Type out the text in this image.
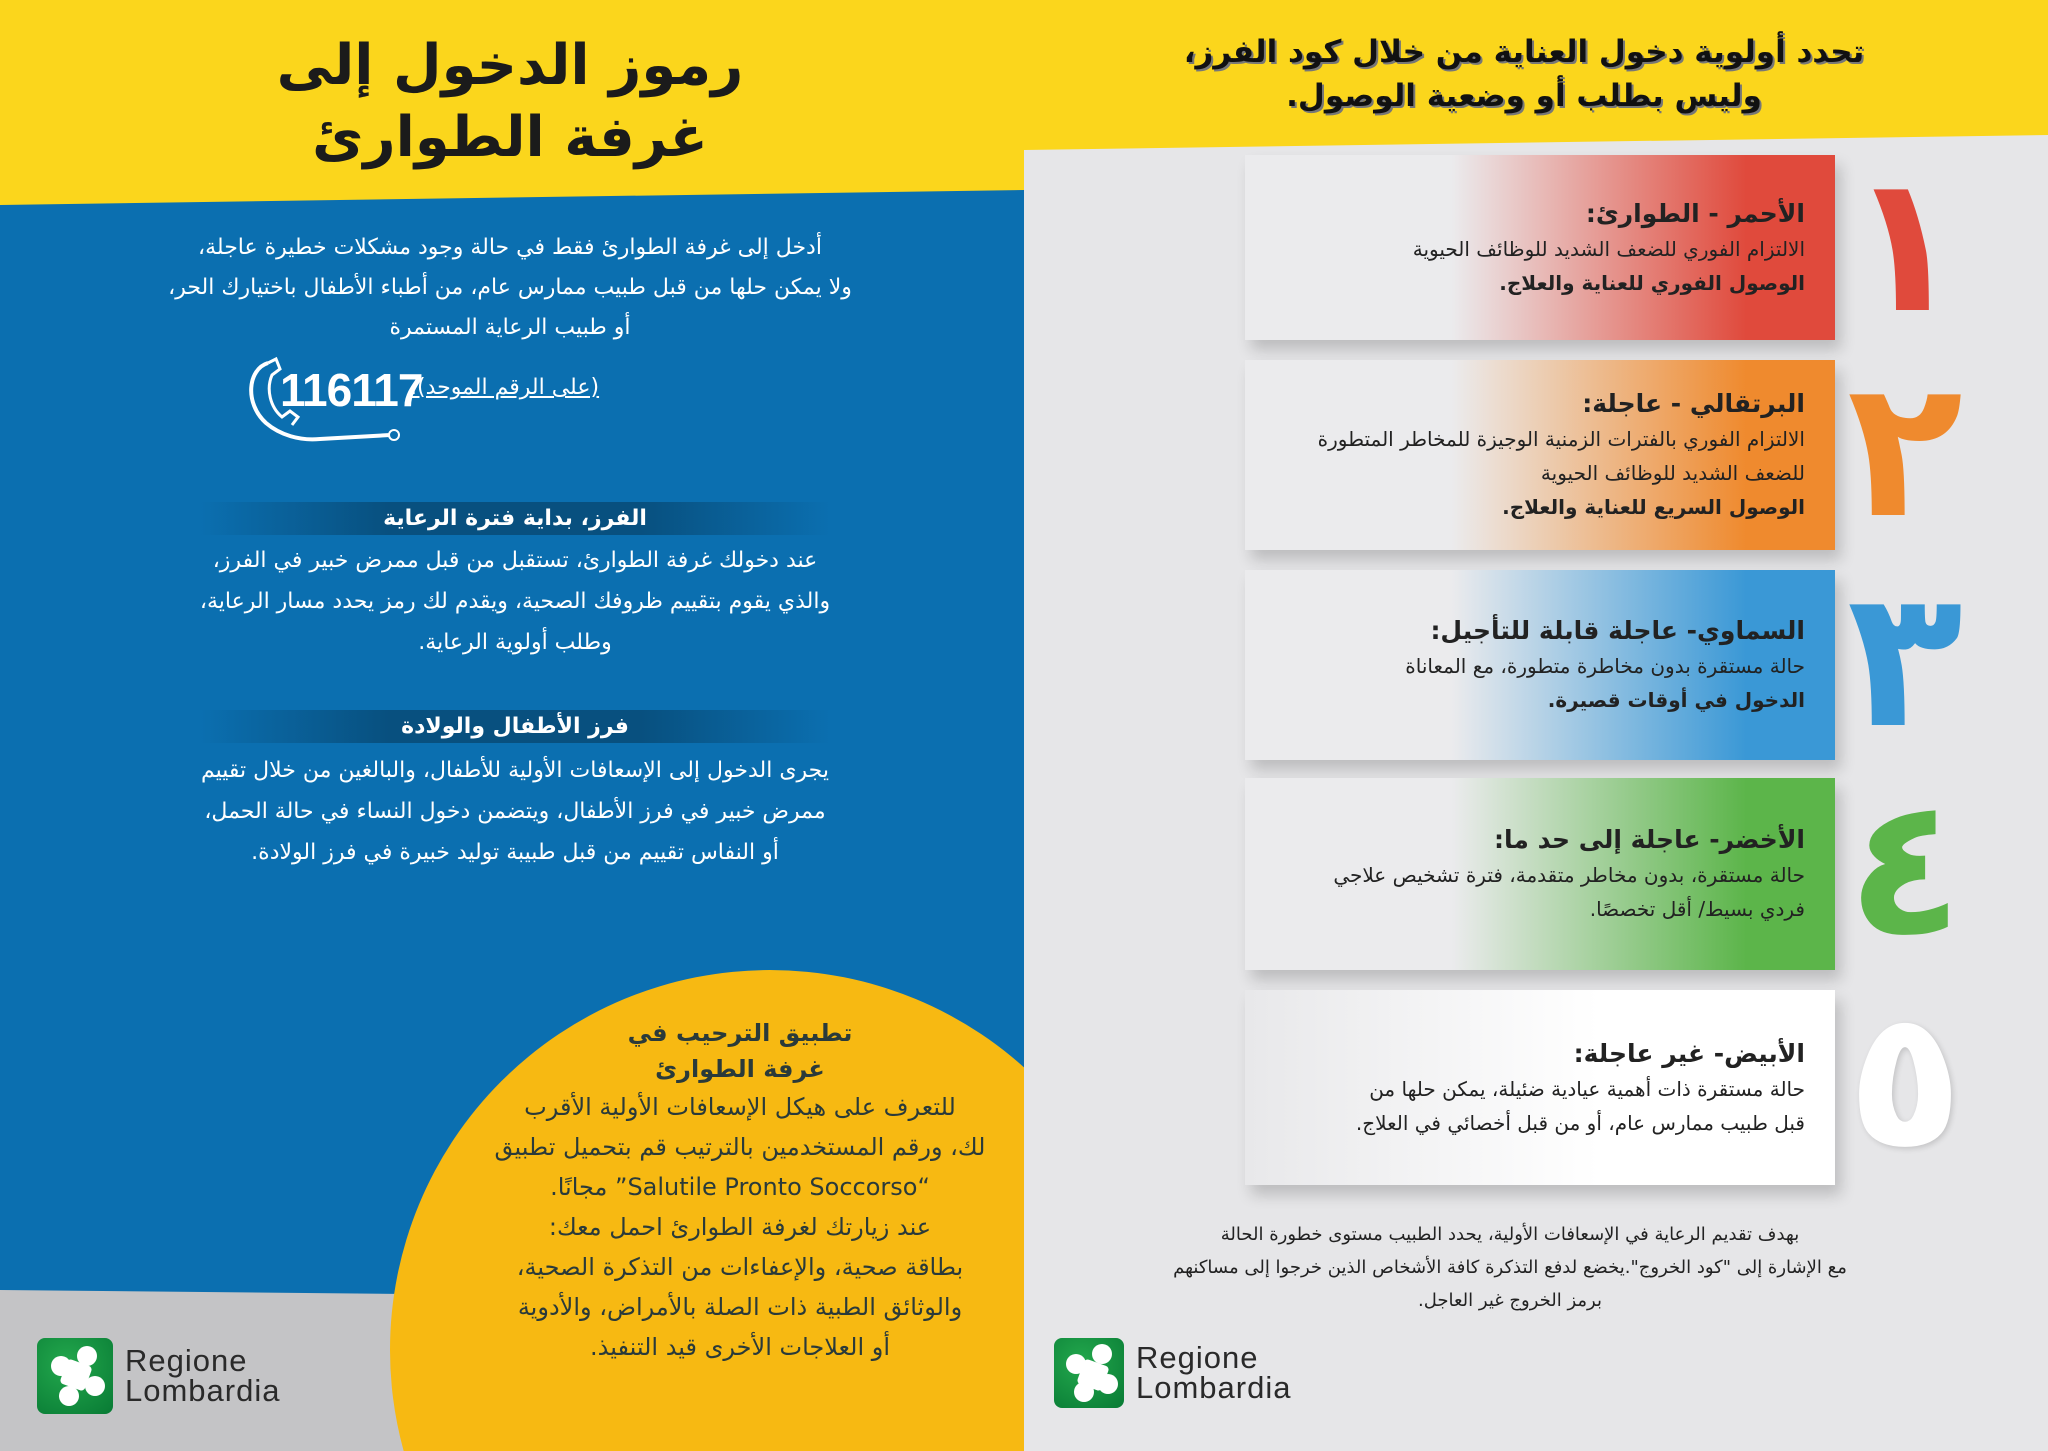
رموز الدخول إلى
غرفة الطوارئ

أدخل إلى غرفة الطوارئ فقط في حالة وجود مشكلات خطيرة عاجلة،
ولا يمكن حلها من قبل طبيب ممارس عام، من أطباء الأطفال باختيارك الحر،
أو طبيب الرعاية المستمرة

116117
(على الرقم الموحد).
الفرز، بداية فترة الرعاية

عند دخولك غرفة الطوارئ، تستقبل من قبل ممرض خبير في الفرز،
والذي يقوم بتقييم ظروفك الصحية، ويقدم لك رمز يحدد مسار الرعاية،
وطلب أولوية الرعاية.

فرز الأطفال والولادة

يجرى الدخول إلى الإسعافات الأولية للأطفال، والبالغين من خلال تقييم
ممرض خبير في فرز الأطفال، ويتضمن دخول النساء في حالة الحمل،
أو النفاس تقييم من قبل طبيبة توليد خبيرة في فرز الولادة.

تطبيق الترحيب في
غرفة الطوارئ
للتعرف على هيكل الإسعافات الأولية الأقرب
لك، ورقم المستخدمين بالترتيب قم بتحميل تطبيق
“Salutile Pronto Soccorso” مجانًا.
عند زيارتك لغرفة الطوارئ احمل معك:
بطاقة صحية، والإعفاءات من التذكرة الصحية،
والوثائق الطبية ذات الصلة بالأمراض، والأدوية
أو العلاجات الأخرى قيد التنفيذ.
Regione
Lombardia
تحدد أولوية دخول العناية من خلال كود الفرز،
وليس بطلب أو وضعية الوصول.
الأحمر - الطوارئ:
الالتزام الفوري للضعف الشديد للوظائف الحيوية
الوصول الفوري للعناية والعلاج. ١
البرتقالي - عاجلة:
الالتزام الفوري بالفترات الزمنية الوجيزة للمخاطر المتطورة
للضعف الشديد للوظائف الحيوية
الوصول السريع للعناية والعلاج. ٢
السماوي- عاجلة قابلة للتأجيل:
حالة مستقرة بدون مخاطرة متطورة، مع المعاناة
الدخول في أوقات قصيرة. ٣
الأخضر- عاجلة إلى حد ما:
حالة مستقرة، بدون مخاطر متقدمة، فترة تشخيص علاجي
فردي بسيط/ أقل تخصصًا. ٤
الأبيض- غير عاجلة:
حالة مستقرة ذات أهمية عيادية ضئيلة، يمكن حلها من
قبل طبيب ممارس عام، أو من قبل أخصائي في العلاج. ٥

بهدف تقديم الرعاية في الإسعافات الأولية، يحدد الطبيب مستوى خطورة الحالة
مع الإشارة إلى "كود الخروج".يخضع لدفع التذكرة كافة الأشخاص الذين خرجوا إلى مساكنهم
برمز الخروج غير العاجل.

Regione
Lombardia
